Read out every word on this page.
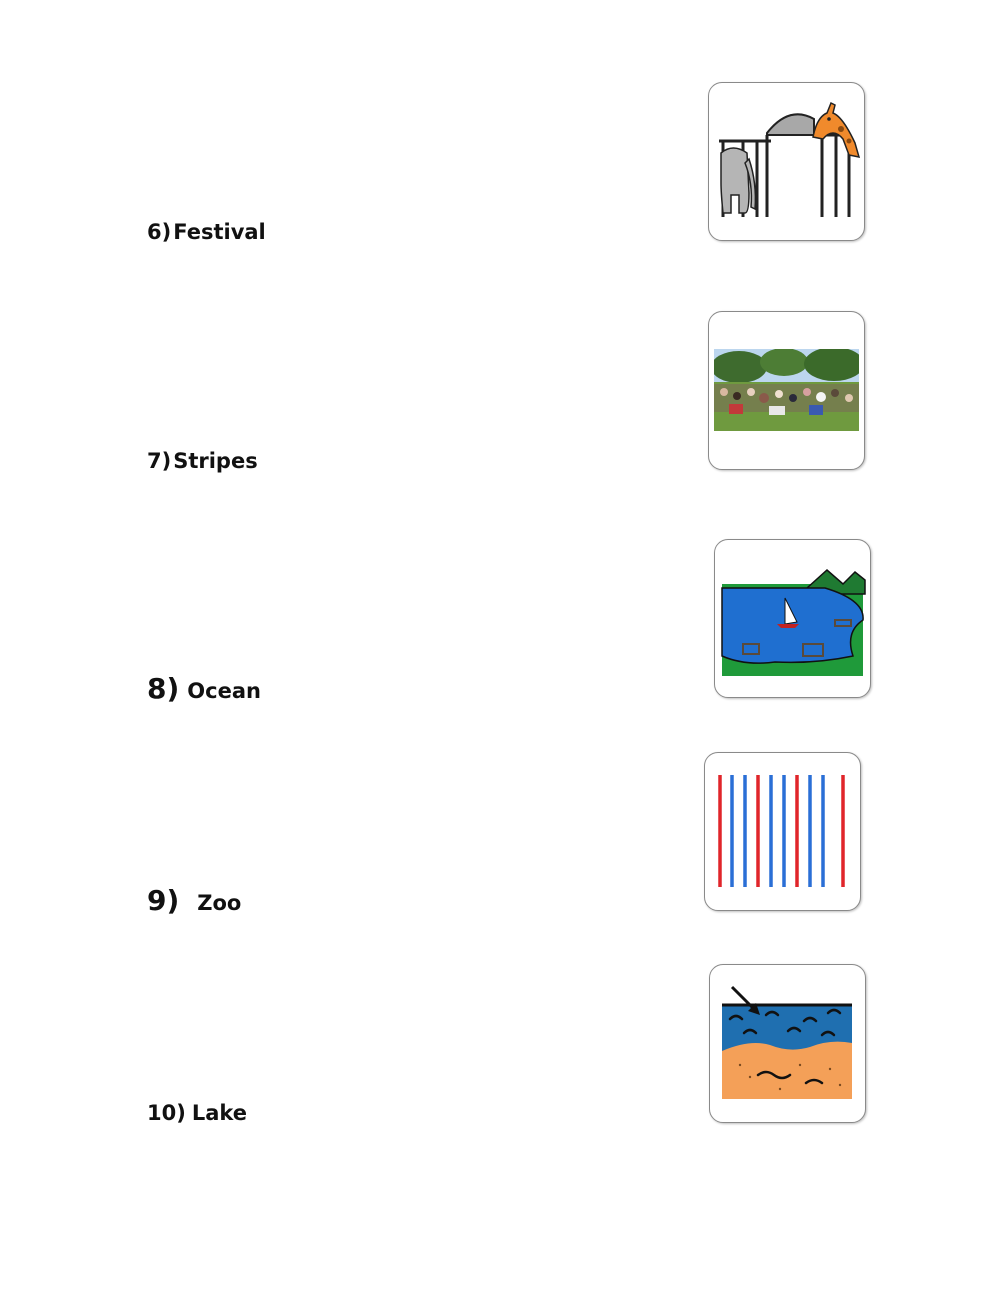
6)Festival
7)Stripes
8) Ocean
9) Zoo
10) Lake
